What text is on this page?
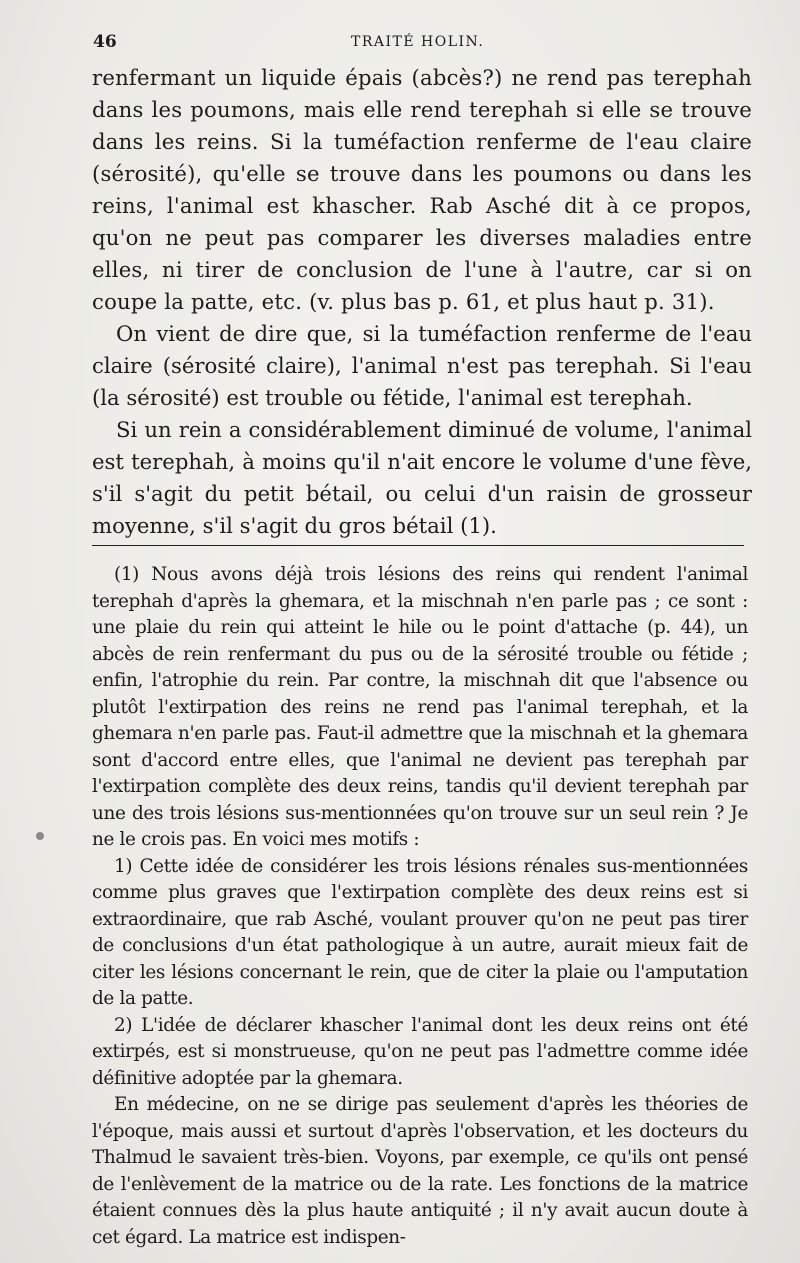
46	TRAITÉ HOLIN.

renfermant un liquide épais (abcès?) ne rend pas terephah dans les poumons, mais elle rend terephah si elle se trouve dans les reins. Si la tuméfaction renferme de l'eau claire (sérosité), qu'elle se trouve dans les poumons ou dans les reins, l'animal est khascher. Rab Asché dit à ce propos, qu'on ne peut pas comparer les diverses maladies entre elles, ni tirer de conclusion de l'une à l'autre, car si on coupe la patte, etc. (v. plus bas p. 61, et plus haut p. 31).

On vient de dire que, si la tuméfaction renferme de l'eau claire (sérosité claire), l'animal n'est pas terephah. Si l'eau (la sérosité) est trouble ou fétide, l'animal est terephah.

Si un rein a considérablement diminué de volume, l'animal est terephah, à moins qu'il n'ait encore le volume d'une fève, s'il s'agit du petit bétail, ou celui d'un raisin de grosseur moyenne, s'il s'agit du gros bétail (1).

(1) Nous avons déjà trois lésions des reins qui rendent l'animal terephah d'après la ghemara, et la mischnah n'en parle pas ; ce sont : une plaie du rein qui atteint le hile ou le point d'attache (p. 44), un abcès de rein renfermant du pus ou de la sérosité trouble ou fétide ; enfin, l'atrophie du rein. Par contre, la mischnah dit que l'absence ou plutôt l'extirpation des reins ne rend pas l'animal terephah, et la ghemara n'en parle pas. Faut-il admettre que la mischnah et la ghemara sont d'accord entre elles, que l'animal ne devient pas terephah par l'extirpation complète des deux reins, tandis qu'il devient terephah par une des trois lésions sus-mentionnées qu'on trouve sur un seul rein ? Je ne le crois pas. En voici mes motifs :

1) Cette idée de considérer les trois lésions rénales sus-mentionnées comme plus graves que l'extirpation complète des deux reins est si extraordinaire, que rab Asché, voulant prouver qu'on ne peut pas tirer de conclusions d'un état pathologique à un autre, aurait mieux fait de citer les lésions concernant le rein, que de citer la plaie ou l'amputation de la patte.

2) L'idée de déclarer khascher l'animal dont les deux reins ont été extirpés, est si monstrueuse, qu'on ne peut pas l'admettre comme idée définitive adoptée par la ghemara.

En médecine, on ne se dirige pas seulement d'après les théories de l'époque, mais aussi et surtout d'après l'observation, et les docteurs du Thalmud le savaient très-bien. Voyons, par exemple, ce qu'ils ont pensé de l'enlèvement de la matrice ou de la rate. Les fonctions de la matrice étaient connues dès la plus haute antiquité ; il n'y avait aucun doute à cet égard. La matrice est indispen-
